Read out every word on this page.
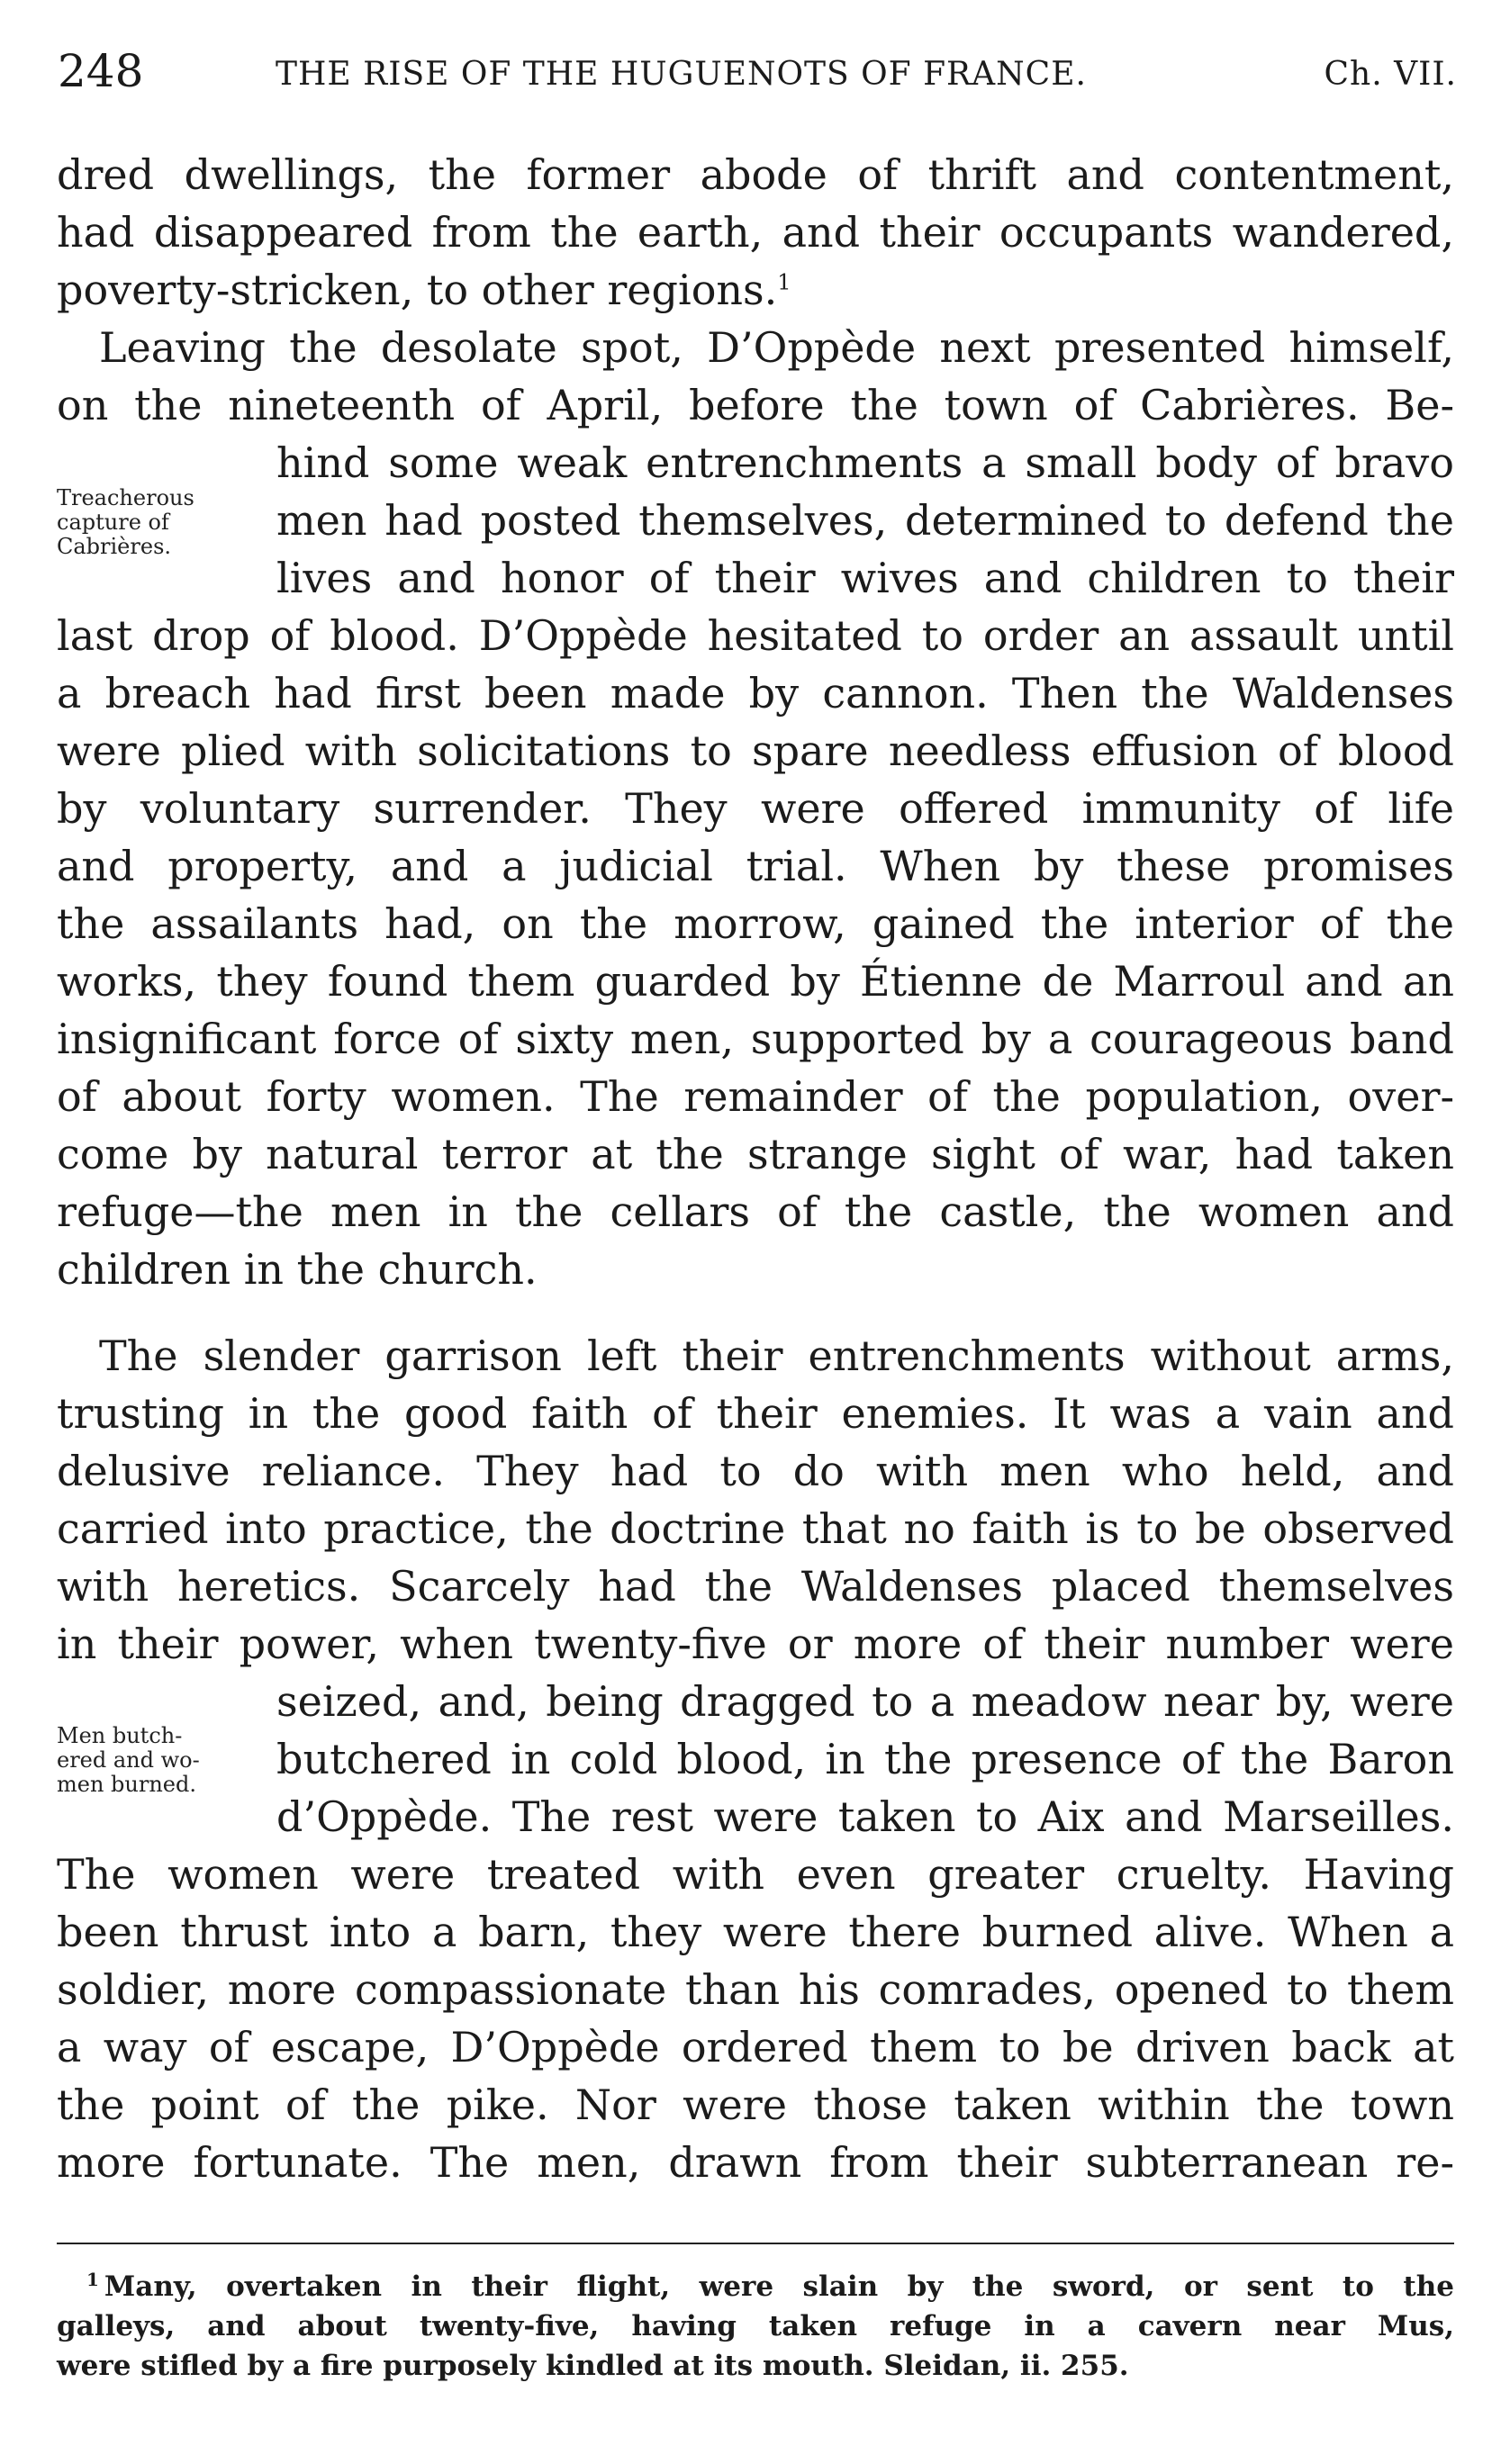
248	THE RISE OF THE HUGUENOTS OF FRANCE.	Ch. VII.
dred dwellings, the former abode of thrift and contentment,
had disappeared from the earth, and their occupants wandered,
poverty-stricken, to other regions.$^1$
Leaving the desolate spot, D’Oppède next presented himself,
on the nineteenth of April, before the town of Cabrières. Be-
hind some weak entrenchments a small body of bravo
men had posted themselves, determined to defend the
lives and honor of their wives and children to their
last drop of blood. D’Oppède hesitated to order an assault until
a breach had first been made by cannon. Then the Waldenses
were plied with solicitations to spare needless effusion of blood
by voluntary surrender. They were offered immunity of life
and property, and a judicial trial. When by these promises
the assailants had, on the morrow, gained the interior of the
works, they found them guarded by Étienne de Marroul and an
insignificant force of sixty men, supported by a courageous band
of about forty women. The remainder of the population, over-
come by natural terror at the strange sight of war, had taken
refuge—the men in the cellars of the castle, the women and
children in the church.
The slender garrison left their entrenchments without arms,
trusting in the good faith of their enemies. It was a vain and
delusive reliance. They had to do with men who held, and
carried into practice, the doctrine that no faith is to be observed
with heretics. Scarcely had the Waldenses placed themselves
in their power, when twenty-five or more of their number were
seized, and, being dragged to a meadow near by, were
butchered in cold blood, in the presence of the Baron
d’Oppède. The rest were taken to Aix and Marseilles.
The women were treated with even greater cruelty. Having
been thrust into a barn, they were there burned alive. When a
soldier, more compassionate than his comrades, opened to them
a way of escape, D’Oppède ordered them to be driven back at
the point of the pike. Nor were those taken within the town
more fortunate. The men, drawn from their subterranean re-
Treacherous
capture of
Cabrières.
Men butch-
ered and wo-
men burned.
$^1$ Many, overtaken in their flight, were slain by the sword, or sent to the
galleys, and about twenty-five, having taken refuge in a cavern near Mus,
were stifled by a fire purposely kindled at its mouth. Sleidan, ii. 255.
